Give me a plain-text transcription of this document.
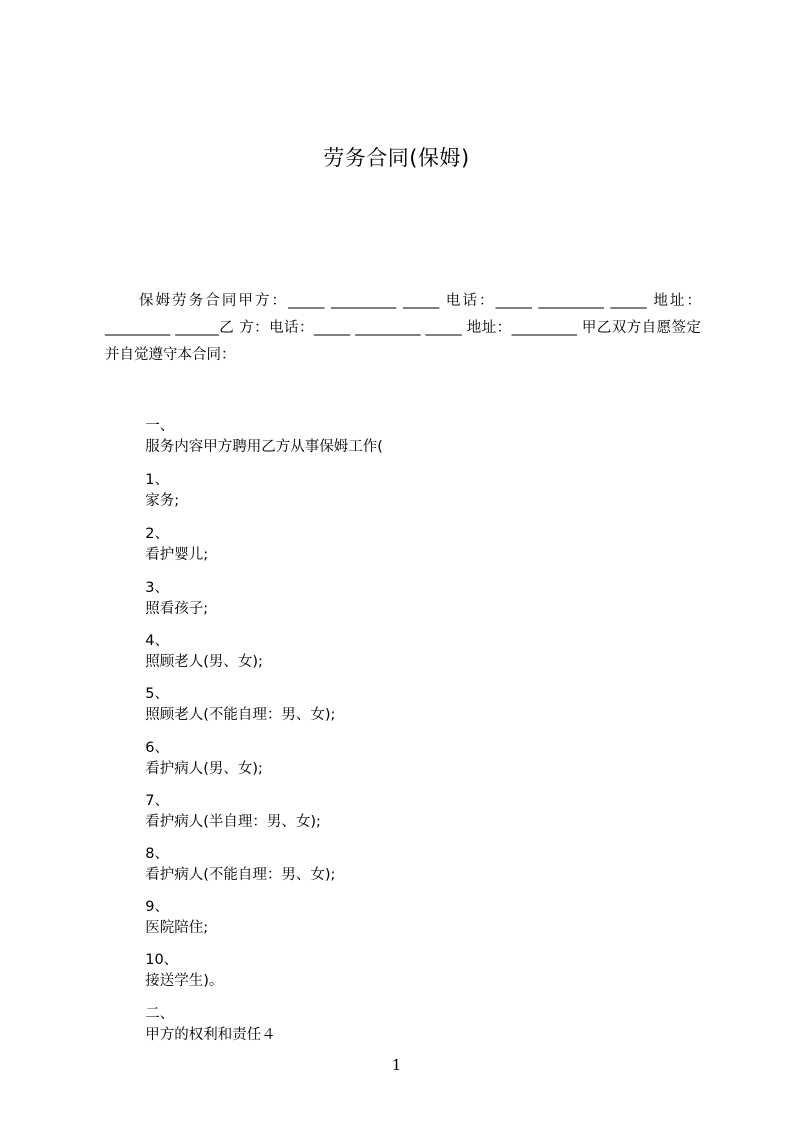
劳务合同(保姆)
保姆劳务合同甲方：_____ _________ _____ 电话：_____ _________ _____ 地址：_________ ______乙 方：电话：_____ _________ _____ 地址：_________ 甲乙双方自愿签定并自觉遵守本合同：

一、
服务内容甲方聘用乙方从事保姆工作(

1、
家务;

2、
看护婴儿;

3、
照看孩子;

4、
照顾老人(男、女);

5、
照顾老人(不能自理：男、女);

6、
看护病人(男、女);

7、
看护病人(半自理：男、女);

8、
看护病人(不能自理：男、女);

9、
医院陪住;

10、
接送学生)。

二、
甲方的权利和责任４

1
